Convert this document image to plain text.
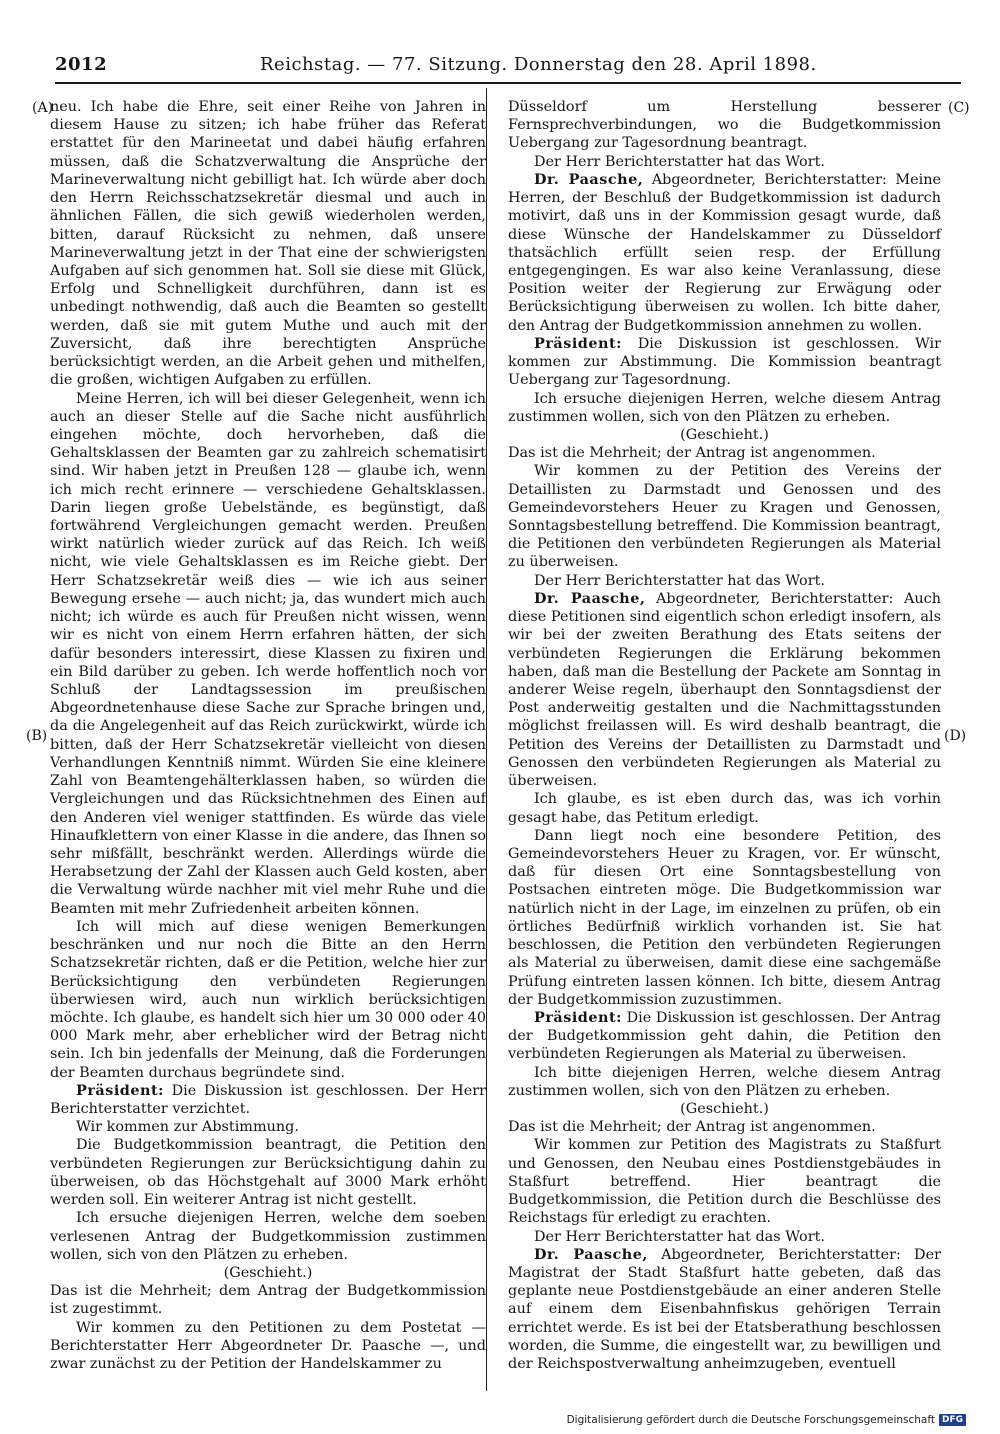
2012	Reichstag. — 77. Sitzung. Donnerstag den 28. April 1898.
(A)
(B)
(C)
(D)

neu. Ich habe die Ehre, seit einer Reihe von Jahren in diesem Hause zu sitzen; ich habe früher das Referat erstattet für den Marineetat und dabei häufig erfahren müssen, daß die Schatzverwaltung die Ansprüche der Marineverwaltung nicht gebilligt hat. Ich würde aber doch den Herrn Reichsschatzsekretär diesmal und auch in ähnlichen Fällen, die sich gewiß wiederholen werden, bitten, darauf Rücksicht zu nehmen, daß unsere Marineverwaltung jetzt in der That eine der schwierigsten Aufgaben auf sich genommen hat. Soll sie diese mit Glück, Erfolg und Schnelligkeit durchführen, dann ist es unbedingt nothwendig, daß auch die Beamten so gestellt werden, daß sie mit gutem Muthe und auch mit der Zuversicht, daß ihre berechtigten Ansprüche berücksichtigt werden, an die Arbeit gehen und mithelfen, die großen, wichtigen Aufgaben zu erfüllen.

Meine Herren, ich will bei dieser Gelegenheit, wenn ich auch an dieser Stelle auf die Sache nicht ausführlich eingehen möchte, doch hervorheben, daß die Gehaltsklassen der Beamten gar zu zahlreich schematisirt sind. Wir haben jetzt in Preußen 128 — glaube ich, wenn ich mich recht erinnere — verschiedene Gehaltsklassen. Darin liegen große Uebelstände, es begünstigt, daß fortwährend Vergleichungen gemacht werden. Preußen wirkt natürlich wieder zurück auf das Reich. Ich weiß nicht, wie viele Gehaltsklassen es im Reiche giebt. Der Herr Schatzsekretär weiß dies — wie ich aus seiner Bewegung ersehe — auch nicht; ja, das wundert mich auch nicht; ich würde es auch für Preußen nicht wissen, wenn wir es nicht von einem Herrn erfahren hätten, der sich dafür besonders interessirt, diese Klassen zu fixiren und ein Bild darüber zu geben. Ich werde hoffentlich noch vor Schluß der Landtagssession im preußischen Abgeordnetenhause diese Sache zur Sprache bringen und, da die Angelegenheit auf das Reich zurückwirkt, würde ich bitten, daß der Herr Schatzsekretär vielleicht von diesen Verhandlungen Kenntniß nimmt. Würden Sie eine kleinere Zahl von Beamtengehälterklassen haben, so würden die Vergleichungen und das Rücksichtnehmen des Einen auf den Anderen viel weniger stattfinden. Es würde das viele Hinaufklettern von einer Klasse in die andere, das Ihnen so sehr mißfällt, beschränkt werden. Allerdings würde die Herabsetzung der Zahl der Klassen auch Geld kosten, aber die Verwaltung würde nachher mit viel mehr Ruhe und die Beamten mit mehr Zufriedenheit arbeiten können.

Ich will mich auf diese wenigen Bemerkungen beschränken und nur noch die Bitte an den Herrn Schatzsekretär richten, daß er die Petition, welche hier zur Berücksichtigung den verbündeten Regierungen überwiesen wird, auch nun wirklich berücksichtigen möchte. Ich glaube, es handelt sich hier um 30 000 oder 40 000 Mark mehr, aber erheblicher wird der Betrag nicht sein. Ich bin jedenfalls der Meinung, daß die Forderungen der Beamten durchaus begründete sind.

Präsident: Die Diskussion ist geschlossen. Der Herr Berichterstatter verzichtet.

Wir kommen zur Abstimmung.

Die Budgetkommission beantragt, die Petition den verbündeten Regierungen zur Berücksichtigung dahin zu überweisen, ob das Höchstgehalt auf 3000 Mark erhöht werden soll. Ein weiterer Antrag ist nicht gestellt.

Ich ersuche diejenigen Herren, welche dem soeben verlesenen Antrag der Budgetkommission zustimmen wollen, sich von den Plätzen zu erheben.

(Geschieht.)

Das ist die Mehrheit; dem Antrag der Budgetkommission ist zugestimmt.

Wir kommen zu den Petitionen zu dem Postetat — Berichterstatter Herr Abgeordneter Dr. Paasche —, und zwar zunächst zu der Petition der Handelskammer zu

Düsseldorf um Herstellung besserer Fernsprechverbindungen, wo die Budgetkommission Uebergang zur Tagesordnung beantragt.

Der Herr Berichterstatter hat das Wort.

Dr. Paasche, Abgeordneter, Berichterstatter: Meine Herren, der Beschluß der Budgetkommission ist dadurch motivirt, daß uns in der Kommission gesagt wurde, daß diese Wünsche der Handelskammer zu Düsseldorf thatsächlich erfüllt seien resp. der Erfüllung entgegengingen. Es war also keine Veranlassung, diese Position weiter der Regierung zur Erwägung oder Berücksichtigung überweisen zu wollen. Ich bitte daher, den Antrag der Budgetkommission annehmen zu wollen.

Präsident: Die Diskussion ist geschlossen. Wir kommen zur Abstimmung. Die Kommission beantragt Uebergang zur Tagesordnung.

Ich ersuche diejenigen Herren, welche diesem Antrag zustimmen wollen, sich von den Plätzen zu erheben.

(Geschieht.)

Das ist die Mehrheit; der Antrag ist angenommen.

Wir kommen zu der Petition des Vereins der Detaillisten zu Darmstadt und Genossen und des Gemeindevorstehers Heuer zu Kragen und Genossen, Sonntagsbestellung betreffend. Die Kommission beantragt, die Petitionen den verbündeten Regierungen als Material zu überweisen.

Der Herr Berichterstatter hat das Wort.

Dr. Paasche, Abgeordneter, Berichterstatter: Auch diese Petitionen sind eigentlich schon erledigt insofern, als wir bei der zweiten Berathung des Etats seitens der verbündeten Regierungen die Erklärung bekommen haben, daß man die Bestellung der Packete am Sonntag in anderer Weise regeln, überhaupt den Sonntagsdienst der Post anderweitig gestalten und die Nachmittagsstunden möglichst freilassen will. Es wird deshalb beantragt, die Petition des Vereins der Detaillisten zu Darmstadt und Genossen den verbündeten Regierungen als Material zu überweisen.

Ich glaube, es ist eben durch das, was ich vorhin gesagt habe, das Petitum erledigt.

Dann liegt noch eine besondere Petition, des Gemeindevorstehers Heuer zu Kragen, vor. Er wünscht, daß für diesen Ort eine Sonntagsbestellung von Postsachen eintreten möge. Die Budgetkommission war natürlich nicht in der Lage, im einzelnen zu prüfen, ob ein örtliches Bedürfniß wirklich vorhanden ist. Sie hat beschlossen, die Petition den verbündeten Regierungen als Material zu überweisen, damit diese eine sachgemäße Prüfung eintreten lassen können. Ich bitte, diesem Antrag der Budgetkommission zuzustimmen.

Präsident: Die Diskussion ist geschlossen. Der Antrag der Budgetkommission geht dahin, die Petition den verbündeten Regierungen als Material zu überweisen.

Ich bitte diejenigen Herren, welche diesem Antrag zustimmen wollen, sich von den Plätzen zu erheben.

(Geschieht.)

Das ist die Mehrheit; der Antrag ist angenommen.

Wir kommen zur Petition des Magistrats zu Staßfurt und Genossen, den Neubau eines Postdienstgebäudes in Staßfurt betreffend. Hier beantragt die Budgetkommission, die Petition durch die Beschlüsse des Reichstags für erledigt zu erachten.

Der Herr Berichterstatter hat das Wort.

Dr. Paasche, Abgeordneter, Berichterstatter: Der Magistrat der Stadt Staßfurt hatte gebeten, daß das geplante neue Postdienstgebäude an einer anderen Stelle auf einem dem Eisenbahnfiskus gehörigen Terrain errichtet werde. Es ist bei der Etatsberathung beschlossen worden, die Summe, die eingestellt war, zu bewilligen und der Reichspostverwaltung anheimzugeben, eventuell

Digitalisierung gefördert durch die Deutsche Forschungsgemeinschaft DFG
